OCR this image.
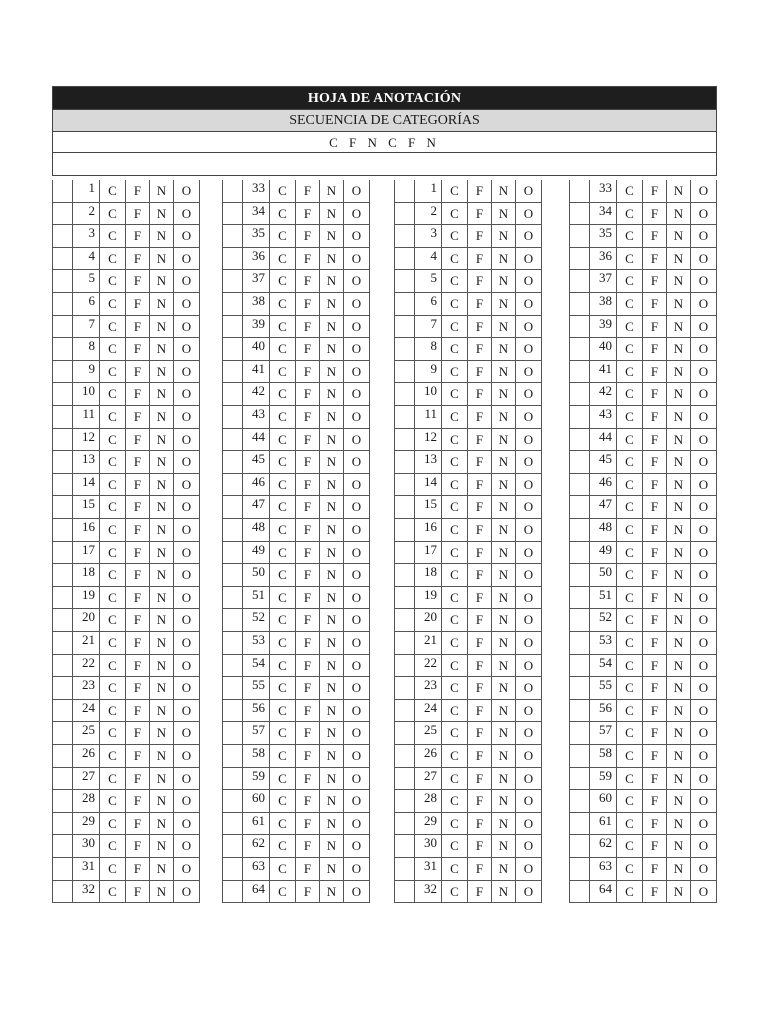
HOJA DE ANOTACIÓN
SECUENCIA DE CATEGORÍAS
C F N C F N
1	C	F	N	O
2	C	F	N	O
3	C	F	N	O
4	C	F	N	O
5	C	F	N	O
6	C	F	N	O
7	C	F	N	O
8	C	F	N	O
9	C	F	N	O
10	C	F	N	O
11	C	F	N	O
12	C	F	N	O
13	C	F	N	O
14	C	F	N	O
15	C	F	N	O
16	C	F	N	O
17	C	F	N	O
18	C	F	N	O
19	C	F	N	O
20	C	F	N	O
21	C	F	N	O
22	C	F	N	O
23	C	F	N	O
24	C	F	N	O
25	C	F	N	O
26	C	F	N	O
27	C	F	N	O
28	C	F	N	O
29	C	F	N	O
30	C	F	N	O
31	C	F	N	O
32	C	F	N	O
33	C	F	N	O
34	C	F	N	O
35	C	F	N	O
36	C	F	N	O
37	C	F	N	O
38	C	F	N	O
39	C	F	N	O
40	C	F	N	O
41	C	F	N	O
42	C	F	N	O
43	C	F	N	O
44	C	F	N	O
45	C	F	N	O
46	C	F	N	O
47	C	F	N	O
48	C	F	N	O
49	C	F	N	O
50	C	F	N	O
51	C	F	N	O
52	C	F	N	O
53	C	F	N	O
54	C	F	N	O
55	C	F	N	O
56	C	F	N	O
57	C	F	N	O
58	C	F	N	O
59	C	F	N	O
60	C	F	N	O
61	C	F	N	O
62	C	F	N	O
63	C	F	N	O
64	C	F	N	O
1	C	F	N	O
2	C	F	N	O
3	C	F	N	O
4	C	F	N	O
5	C	F	N	O
6	C	F	N	O
7	C	F	N	O
8	C	F	N	O
9	C	F	N	O
10	C	F	N	O
11	C	F	N	O
12	C	F	N	O
13	C	F	N	O
14	C	F	N	O
15	C	F	N	O
16	C	F	N	O
17	C	F	N	O
18	C	F	N	O
19	C	F	N	O
20	C	F	N	O
21	C	F	N	O
22	C	F	N	O
23	C	F	N	O
24	C	F	N	O
25	C	F	N	O
26	C	F	N	O
27	C	F	N	O
28	C	F	N	O
29	C	F	N	O
30	C	F	N	O
31	C	F	N	O
32	C	F	N	O
33	C	F	N	O
34	C	F	N	O
35	C	F	N	O
36	C	F	N	O
37	C	F	N	O
38	C	F	N	O
39	C	F	N	O
40	C	F	N	O
41	C	F	N	O
42	C	F	N	O
43	C	F	N	O
44	C	F	N	O
45	C	F	N	O
46	C	F	N	O
47	C	F	N	O
48	C	F	N	O
49	C	F	N	O
50	C	F	N	O
51	C	F	N	O
52	C	F	N	O
53	C	F	N	O
54	C	F	N	O
55	C	F	N	O
56	C	F	N	O
57	C	F	N	O
58	C	F	N	O
59	C	F	N	O
60	C	F	N	O
61	C	F	N	O
62	C	F	N	O
63	C	F	N	O
64	C	F	N	O
